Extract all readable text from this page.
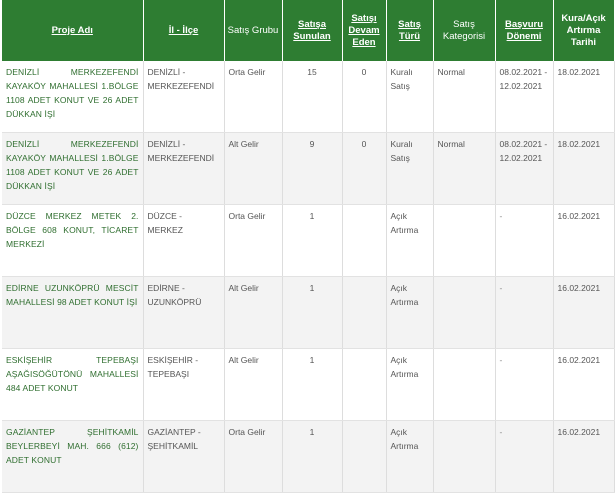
Proje Adı	İl - İlçe	Satış Grubu	Satışa Sunulan	Satışı Devam Eden	Satış Türü	Satış Kategorisi	Başvuru Dönemi	Kura/Açık Artırma Tarihi
DENİZLİ MERKEZEFENDİ KAYAKÖY MAHALLESİ 1.BÖLGE 1108 ADET KONUT VE 26 ADET DÜKKAN İŞİ	DENİZLİ - MERKEZEFENDİ	Orta Gelir	15	0	Kuralı Satış	Normal	08.02.2021 - 12.02.2021	18.02.2021
DENİZLİ MERKEZEFENDİ KAYAKÖY MAHALLESİ 1.BÖLGE 1108 ADET KONUT VE 26 ADET DÜKKAN İŞİ	DENİZLİ - MERKEZEFENDİ	Alt Gelir	9	0	Kuralı Satış	Normal	08.02.2021 - 12.02.2021	18.02.2021
DÜZCE MERKEZ METEK 2. BÖLGE 608 KONUT, TİCARET MERKEZİ	DÜZCE - MERKEZ	Orta Gelir	1		Açık Artırma		-	16.02.2021
EDİRNE UZUNKÖPRÜ MESCİT MAHALLESİ 98 ADET KONUT İŞİ	EDİRNE - UZUNKÖPRÜ	Alt Gelir	1		Açık Artırma		-	16.02.2021
ESKİŞEHİR TEPEBAŞI AŞAĞISÖĞÜTÖNÜ MAHALLESİ 484 ADET KONUT	ESKİŞEHİR - TEPEBAŞI	Alt Gelir	1		Açık Artırma		-	16.02.2021
GAZİANTEP ŞEHİTKAMİL BEYLERBEYİ MAH. 666 (612) ADET KONUT	GAZİANTEP - ŞEHİTKAMİL	Orta Gelir	1		Açık Artırma		-	16.02.2021
